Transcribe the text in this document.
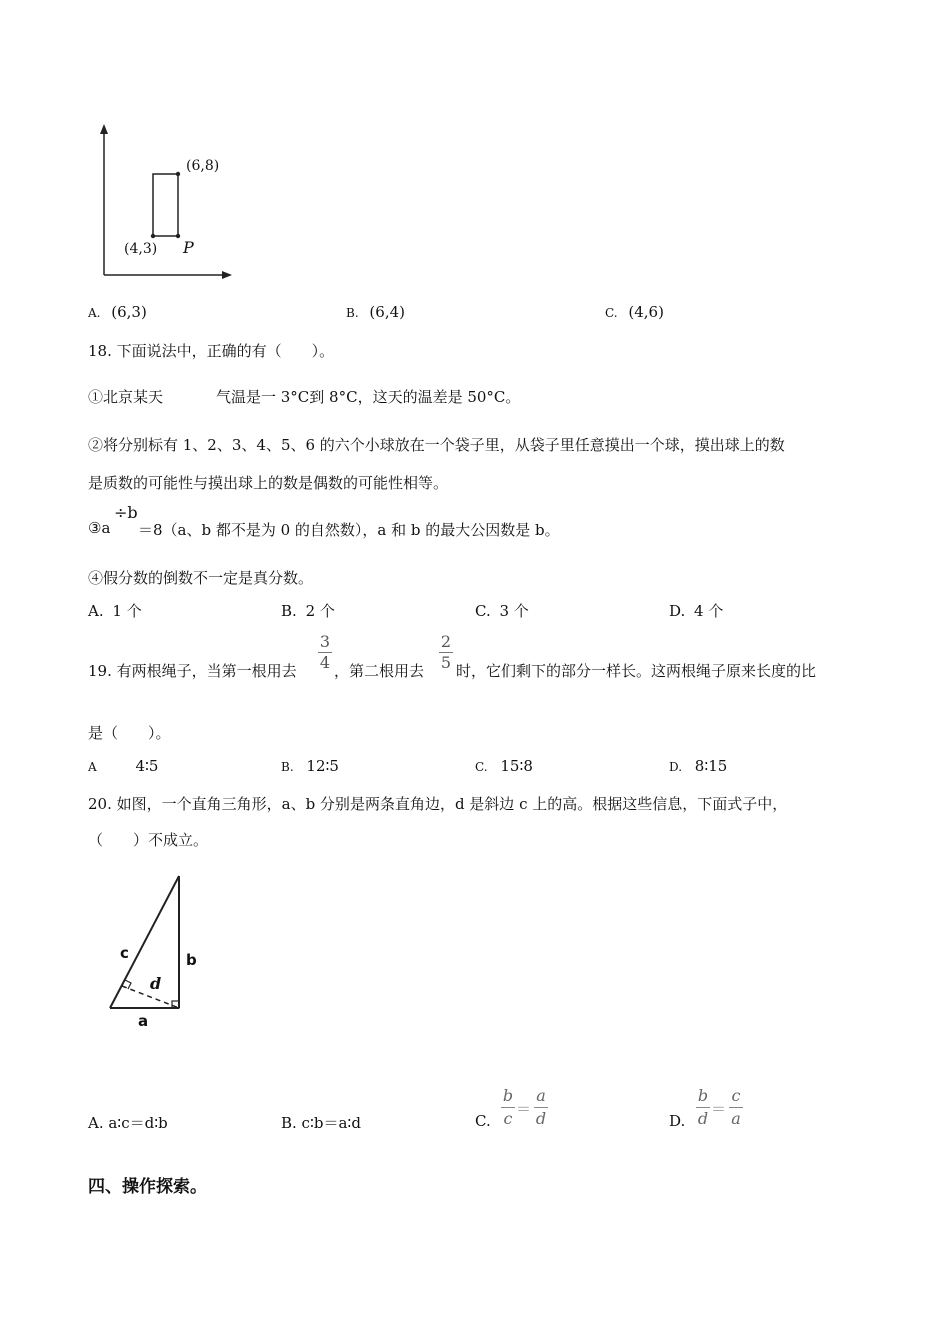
(6,8)
(4,3) P
A. (6,3)	B. (6,4)	C. (4,6)
18. 下面说法中，正确的有（　　）。
①北京某天	气温是一 3°C到 8°C，这天的温差是 50°C。
②将分别标有 1、2、3、4、5、6 的六个小球放在一个袋子里，从袋子里任意摸出一个球，摸出球上的数
是质数的可能性与摸出球上的数是偶数的可能性相等。
③a
÷b
＝8（a、b 都不是为 0 的自然数），a 和 b 的最大公因数是 b。
④假分数的倒数不一定是真分数。
A. 1 个	B. 2 个	C. 3 个	D. 4 个
19. 有两根绳子，当第一根用去
3
4 ，第二根用去
2
5 时，它们剩下的部分一样长。这两根绳子原来长度的比
是（　　）。
A	4∶5	B. 12∶5	C. 15∶8	D. 8∶15
20. 如图，一个直角三角形，a、b 分别是两条直角边，d 是斜边 c 上的高。根据这些信息，下面式子中，
（　　）不成立。
c
d
b
a
A. a∶c＝d∶b	B. c∶b＝a∶d	C.
b
c ＝
a
d	D.
b
d ＝
c
a
四、操作探索。
